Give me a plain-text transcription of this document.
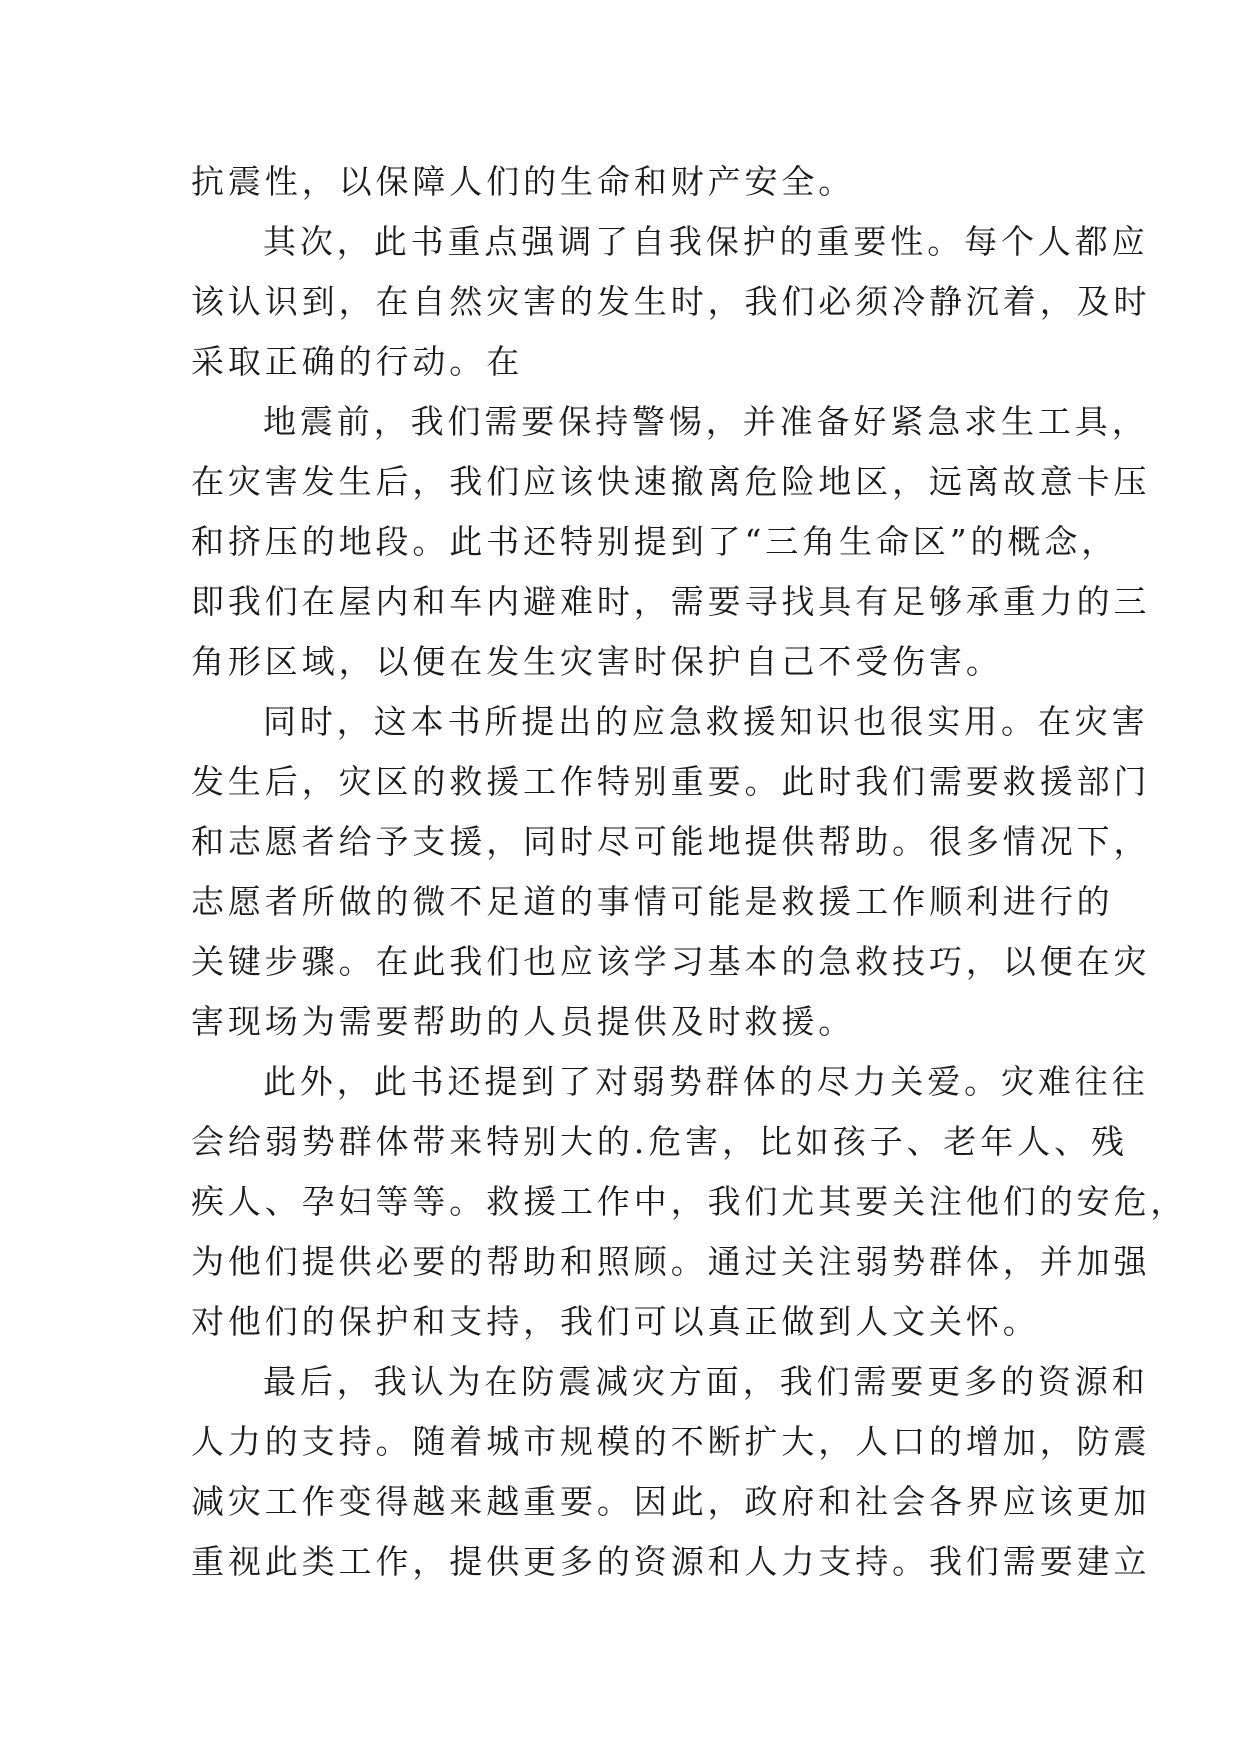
抗震性，以保障人们的生命和财产安全。
其次，此书重点强调了自我保护的重要性。每个人都应
该认识到，在自然灾害的发生时，我们必须冷静沉着，及时
采取正确的行动。在
地震前，我们需要保持警惕，并准备好紧急求生工具，
在灾害发生后，我们应该快速撤离危险地区，远离故意卡压
和挤压的地段。此书还特别提到了“三角生命区”的概念，
即我们在屋内和车内避难时，需要寻找具有足够承重力的三
角形区域，以便在发生灾害时保护自己不受伤害。
同时，这本书所提出的应急救援知识也很实用。在灾害
发生后，灾区的救援工作特别重要。此时我们需要救援部门
和志愿者给予支援，同时尽可能地提供帮助。很多情况下，
志愿者所做的微不足道的事情可能是救援工作顺利进行的
关键步骤。在此我们也应该学习基本的急救技巧，以便在灾
害现场为需要帮助的人员提供及时救援。
此外，此书还提到了对弱势群体的尽力关爱。灾难往往
会给弱势群体带来特别大的.危害，比如孩子、老年人、残
疾人、孕妇等等。救援工作中，我们尤其要关注他们的安危，
为他们提供必要的帮助和照顾。通过关注弱势群体，并加强
对他们的保护和支持，我们可以真正做到人文关怀。
最后，我认为在防震减灾方面，我们需要更多的资源和
人力的支持。随着城市规模的不断扩大，人口的增加，防震
减灾工作变得越来越重要。因此，政府和社会各界应该更加
重视此类工作，提供更多的资源和人力支持。我们需要建立
